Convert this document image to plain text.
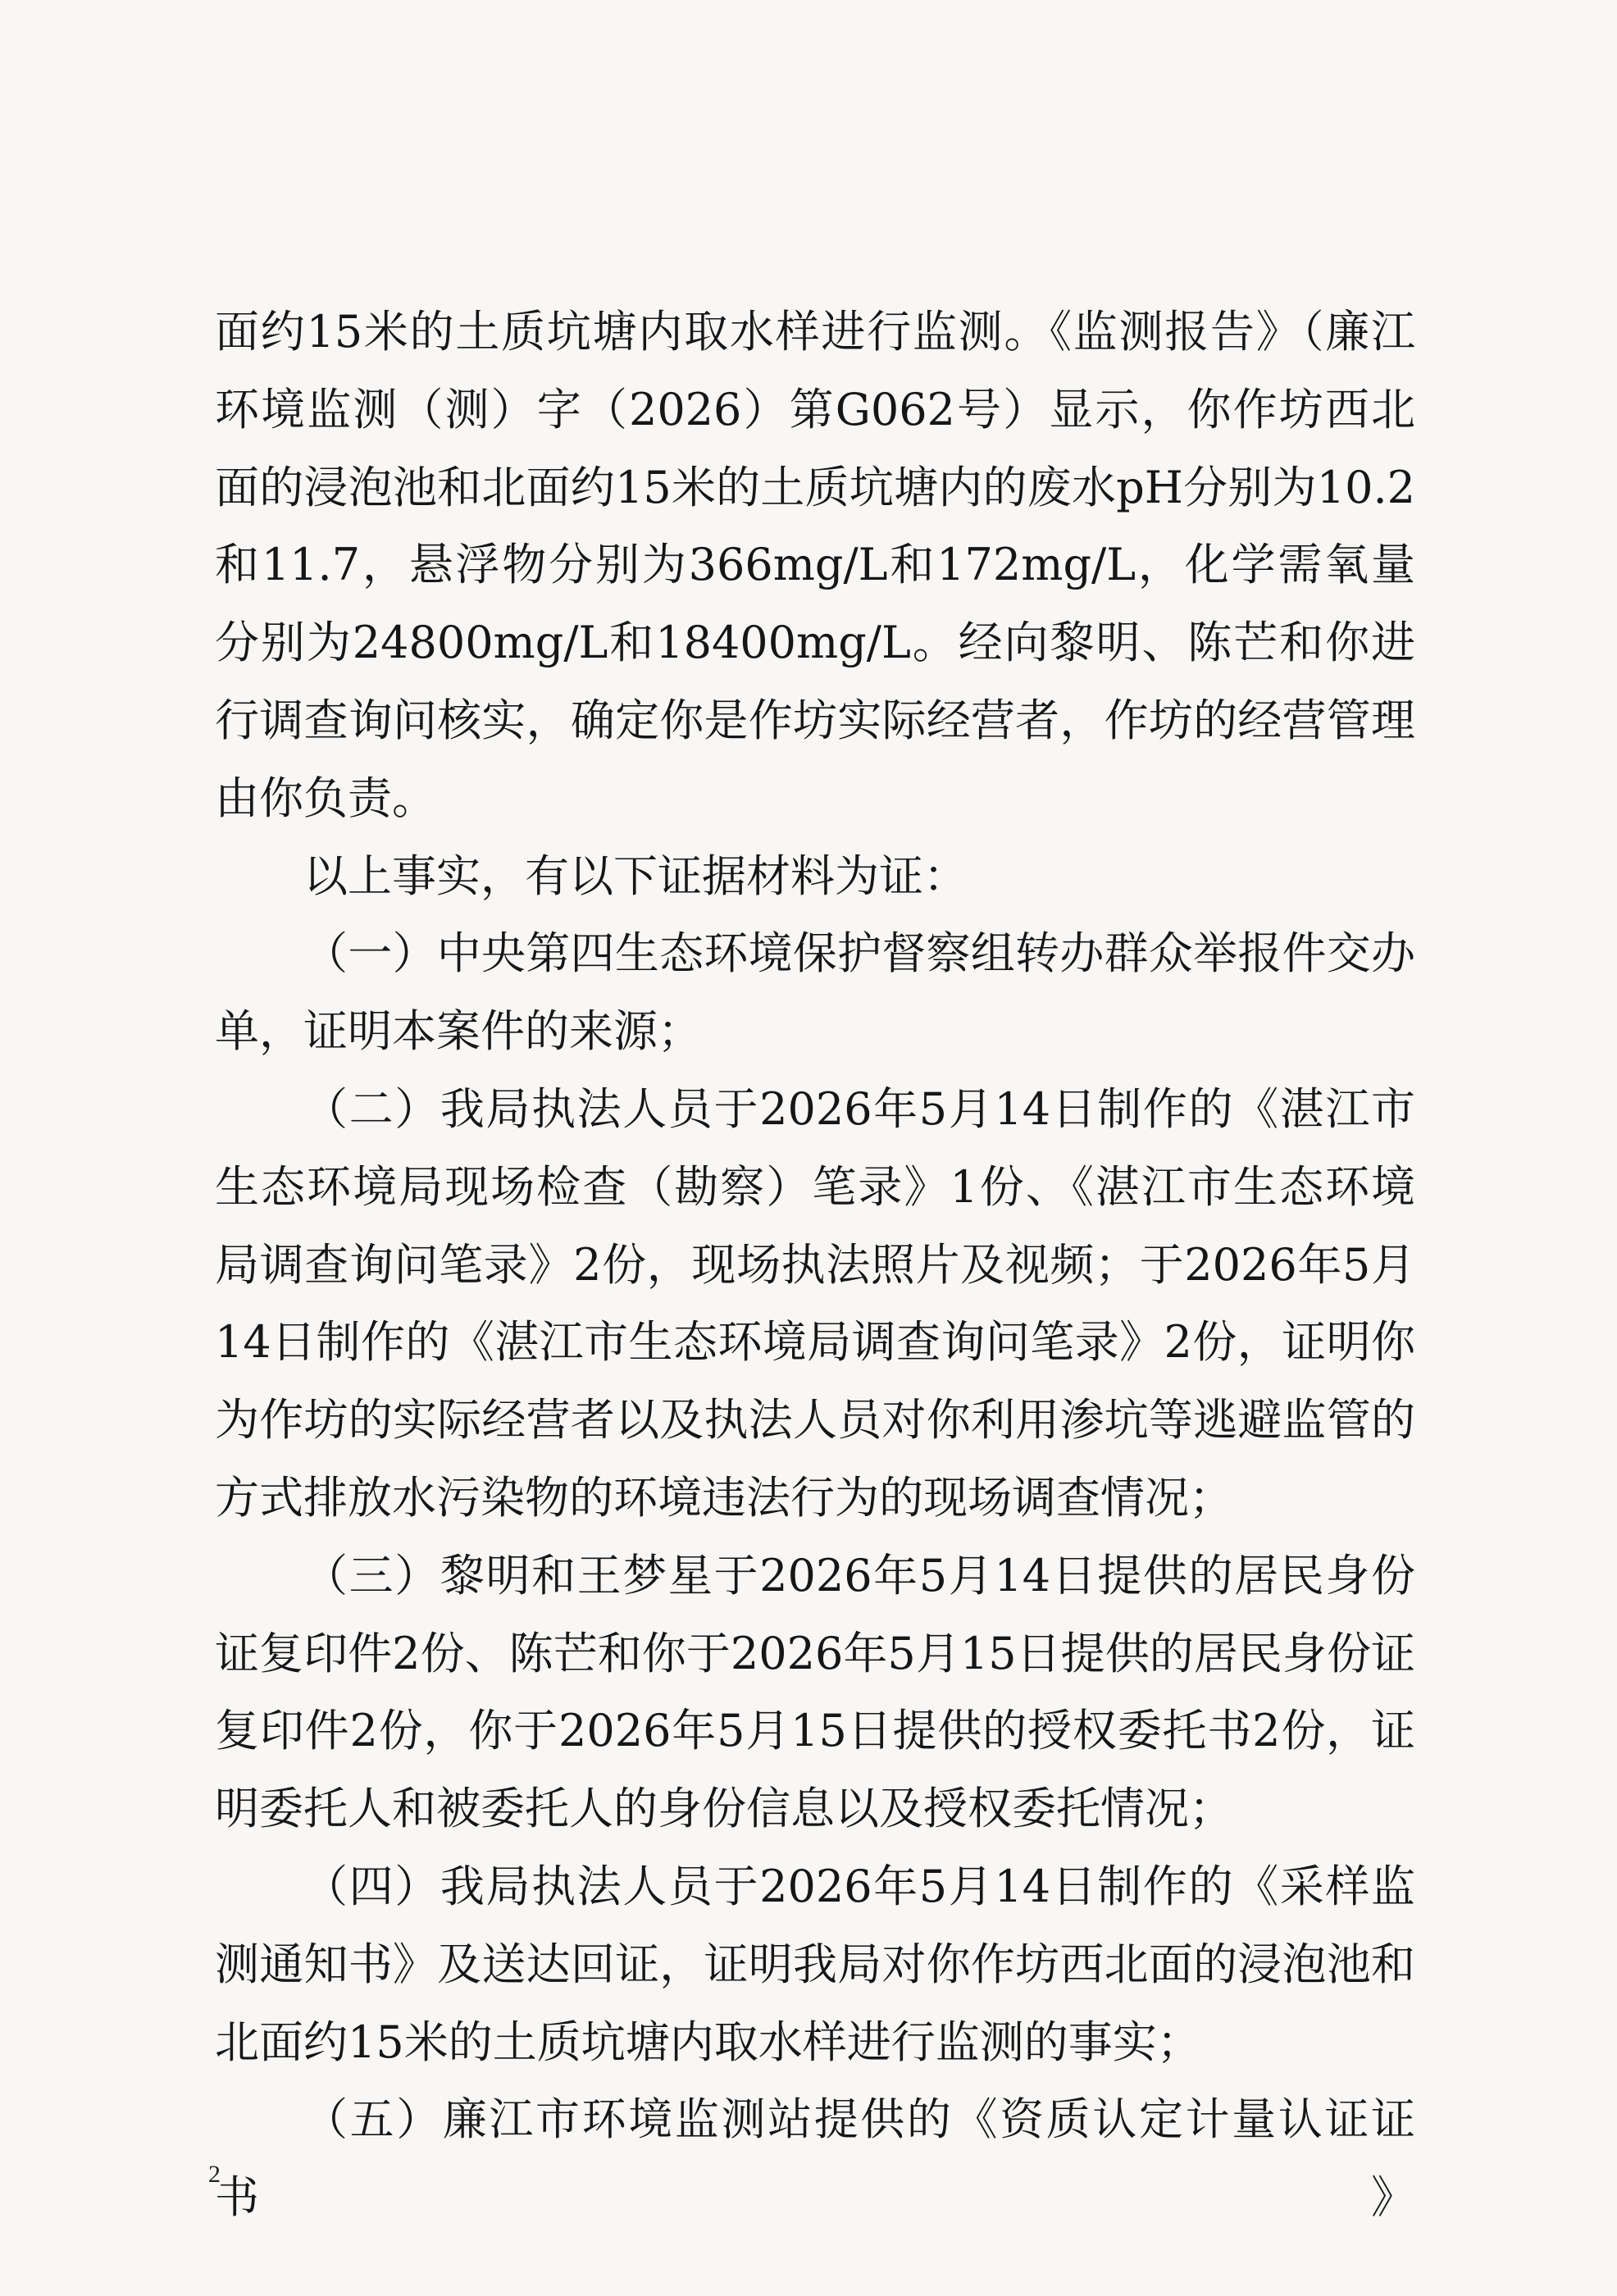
面约15米的土质坑塘内取水样进行监测。《监测报告》（廉江环境监测（测）字（2026）第G062号）显示，你作坊西北面的浸泡池和北面约15米的土质坑塘内的废水pH分别为10.2和11.7，悬浮物分别为366mg/L和172mg/L，化学需氧量分别为24800mg/L和18400mg/L。经向黎明、陈芒和你进行调查询问核实，确定你是作坊实际经营者，作坊的经营管理由你负责。

以上事实，有以下证据材料为证：

（一）中央第四生态环境保护督察组转办群众举报件交办单，证明本案件的来源；

（二）我局执法人员于2026年5月14日制作的《湛江市生态环境局现场检查（勘察）笔录》1份、《湛江市生态环境局调查询问笔录》2份，现场执法照片及视频；于2026年5月14日制作的《湛江市生态环境局调查询问笔录》2份，证明你为作坊的实际经营者以及执法人员对你利用渗坑等逃避监管的方式排放水污染物的环境违法行为的现场调查情况；

（三）黎明和王梦星于2026年5月14日提供的居民身份证复印件2份、陈芒和你于2026年5月15日提供的居民身份证复印件2份，你于2026年5月15日提供的授权委托书2份，证明委托人和被委托人的身份信息以及授权委托情况；

（四）我局执法人员于2026年5月14日制作的《采样监测通知书》及送达回证，证明我局对你作坊西北面的浸泡池和北面约15米的土质坑塘内取水样进行监测的事实；

（五）廉江市环境监测站提供的《资质认定计量认证证书》

2
